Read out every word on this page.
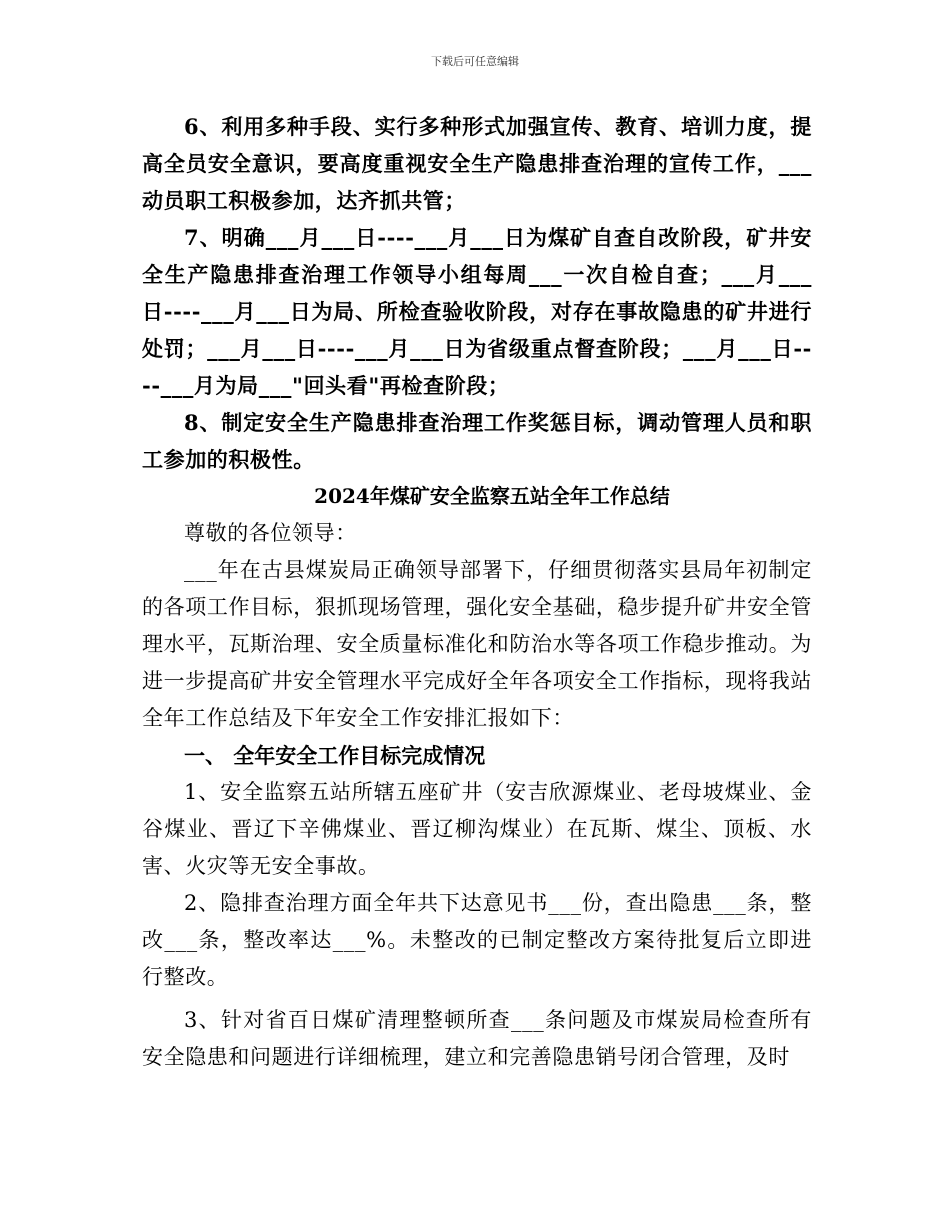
下载后可任意编辑

6、利用多种手段、实行多种形式加强宣传、教育、培训力度，提高全员安全意识，要高度重视安全生产隐患排查治理的宣传工作，___动员职工积极参加，达齐抓共管；

7、明确___月___日----___月___日为煤矿自查自改阶段，矿井安全生产隐患排查治理工作领导小组每周___一次自检自查；___月___日----___月___日为局、所检查验收阶段，对存在事故隐患的矿井进行处罚；___月___日----___月___日为省级重点督查阶段；___月___日----___月为局___"回头看"再检查阶段；

8、制定安全生产隐患排查治理工作奖惩目标，调动管理人员和职工参加的积极性。

2024年煤矿安全监察五站全年工作总结

尊敬的各位领导：

___年在古县煤炭局正确领导部署下，仔细贯彻落实县局年初制定的各项工作目标，狠抓现场管理，强化安全基础，稳步提升矿井安全管理水平，瓦斯治理、安全质量标准化和防治水等各项工作稳步推动。为进一步提高矿井安全管理水平完成好全年各项安全工作指标，现将我站全年工作总结及下年安全工作安排汇报如下：

一、 全年安全工作目标完成情况

1、安全监察五站所辖五座矿井（安吉欣源煤业、老母坡煤业、金谷煤业、晋辽下辛佛煤业、晋辽柳沟煤业）在瓦斯、煤尘、顶板、水害、火灾等无安全事故。

2、隐排查治理方面全年共下达意见书___份，查出隐患___条，整改___条，整改率达___%。未整改的已制定整改方案待批复后立即进行整改。

3、针对省百日煤矿清理整顿所查___条问题及市煤炭局检查所有安全隐患和问题进行详细梳理，建立和完善隐患销号闭合管理，及时
